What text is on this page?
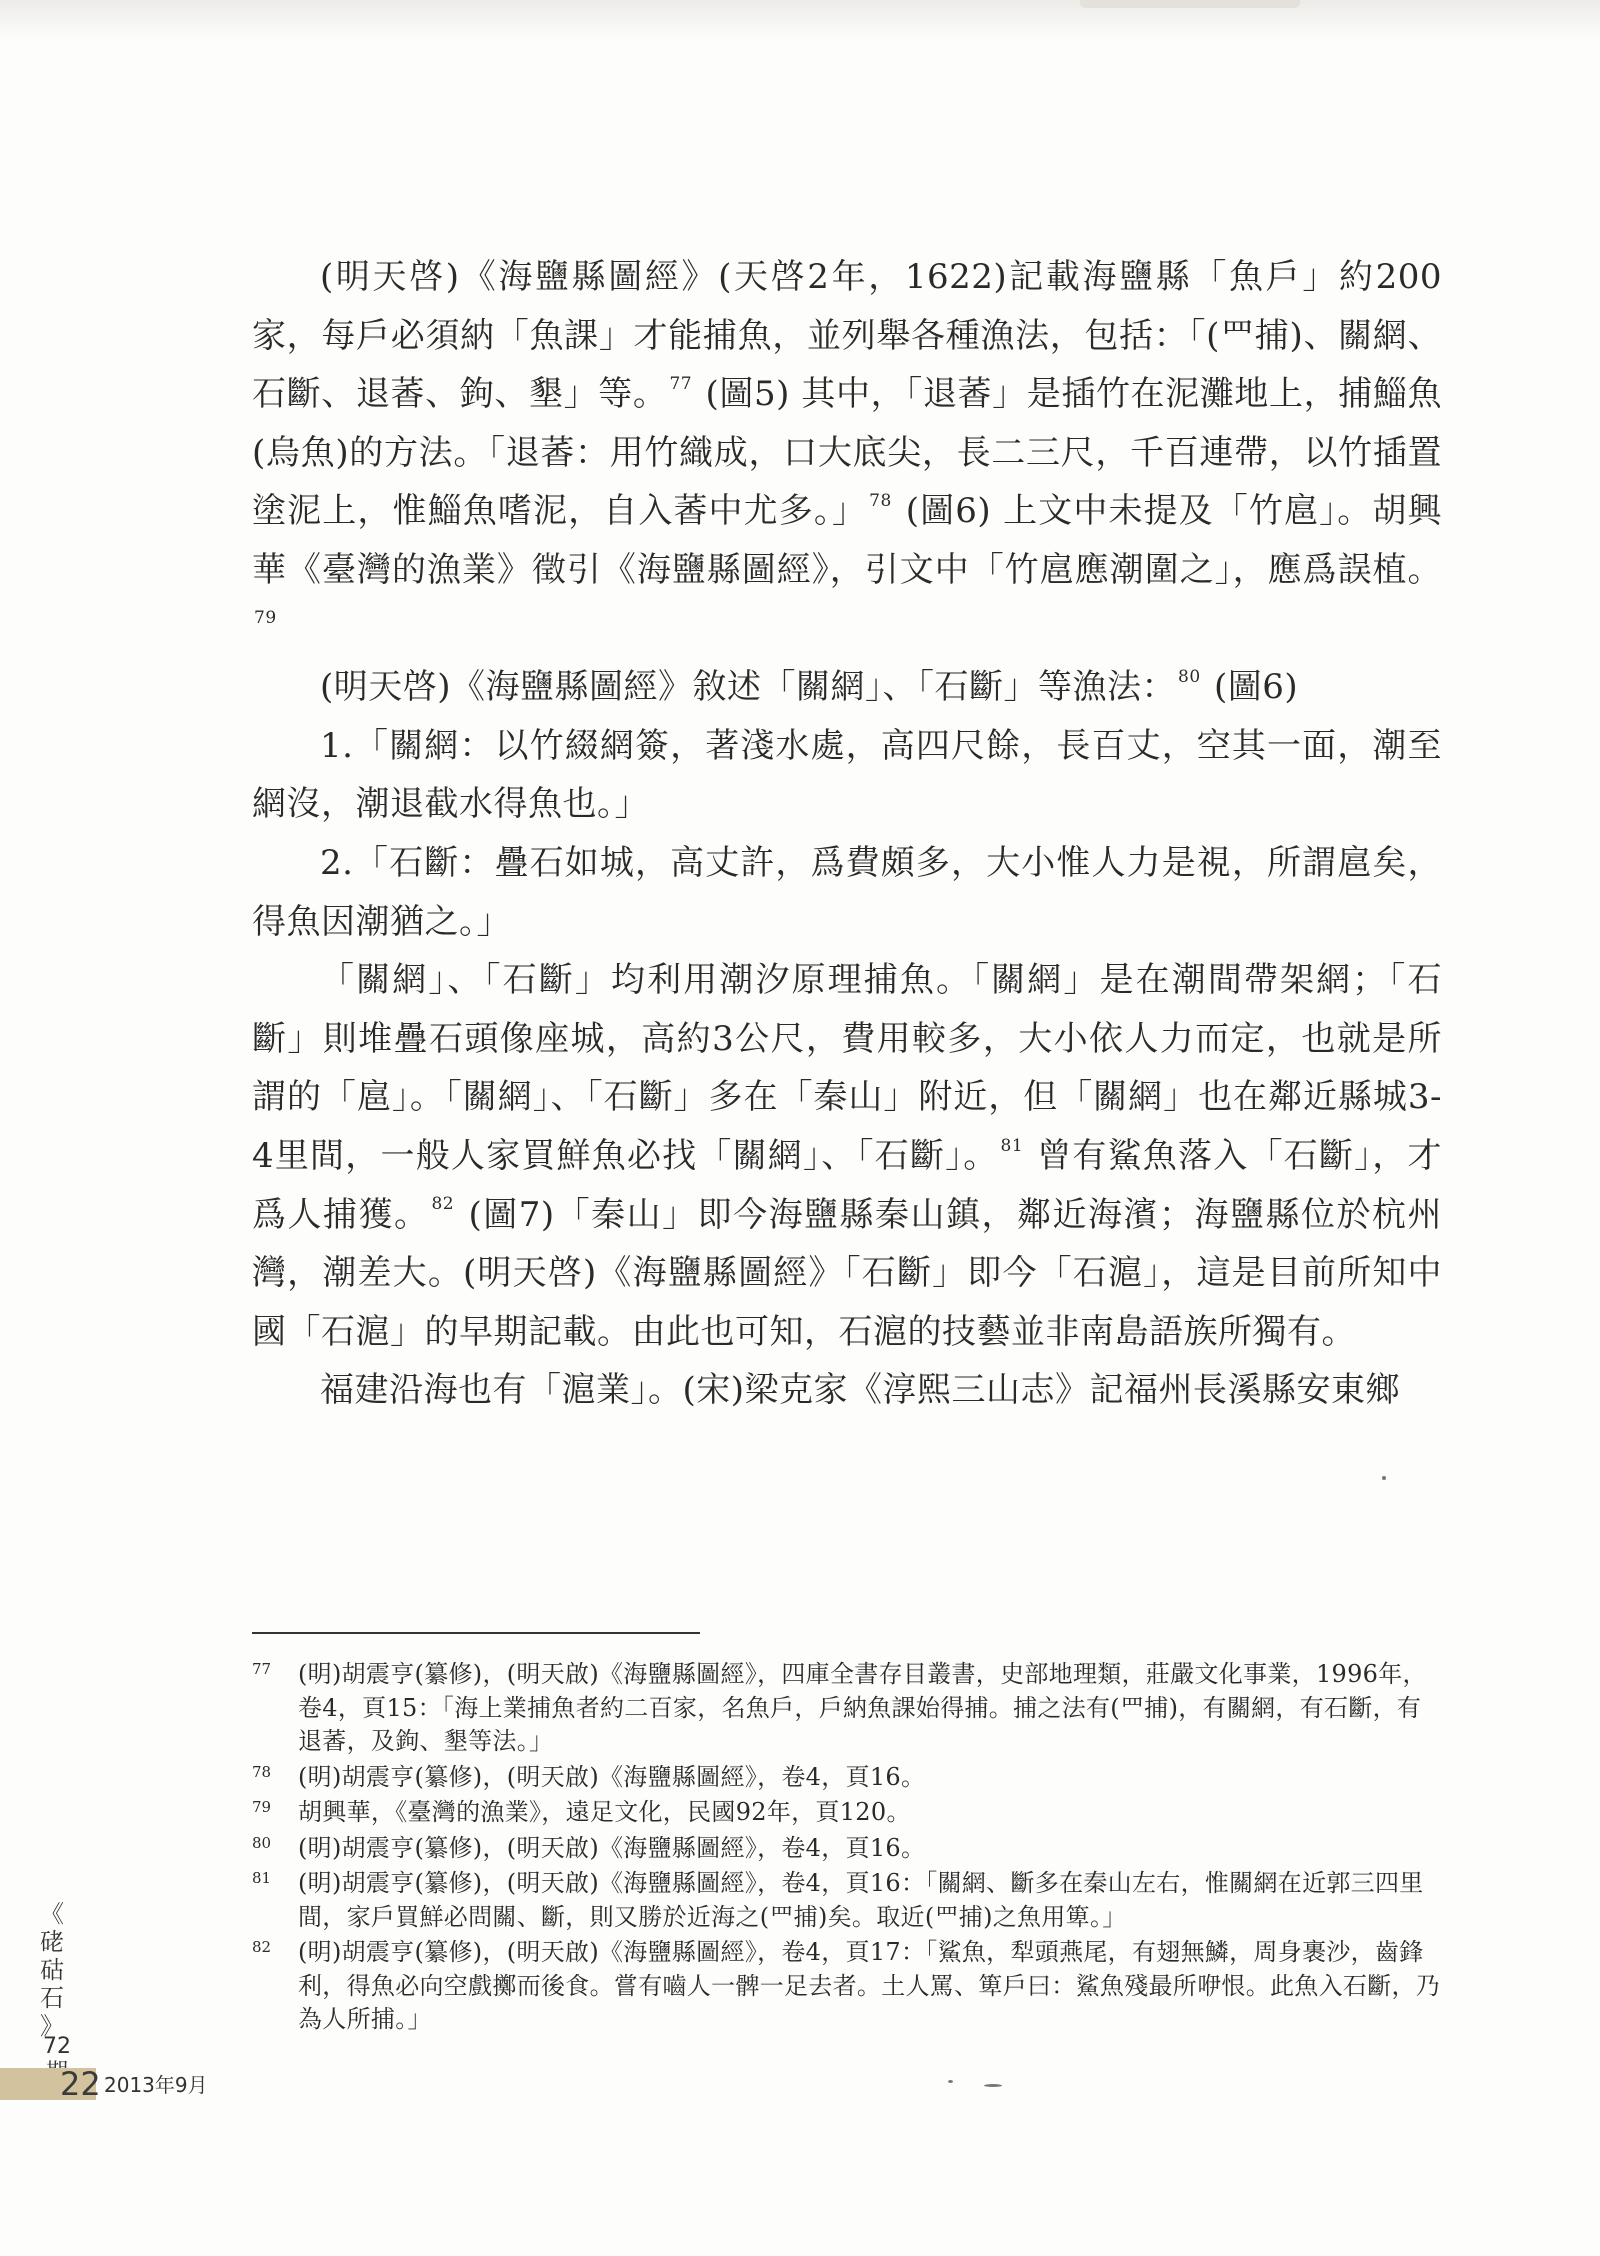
(明天啓)《海鹽縣圖經》(天啓2年，1622)記載海鹽縣「魚戶」約200家，每戶必須納「魚課」才能捕魚，並列舉各種漁法，包括：「(罒捕)、關網、石斷、退萫、鉤、墾」等。 $^{77}$ (圖5) 其中，「退萫」是插竹在泥灘地上，捕鯔魚(烏魚)的方法。「退萫：用竹織成，口大底尖，長二三尺，千百連帶，以竹插置塗泥上，惟鯔魚嗜泥，自入萫中尤多。」 $^{78}$ (圖6) 上文中未提及「竹扈」。胡興華《臺灣的漁業》徵引《海鹽縣圖經》，引文中「竹扈應潮圍之」，應爲誤植。$^{79}$

(明天啓)《海鹽縣圖經》敘述「關網」、「石斷」等漁法： $^{80}$ (圖6)

1.「關網：以竹綴網簽，著淺水處，高四尺餘，長百丈，空其一面，潮至網沒，潮退截水得魚也。」

2.「石斷：疊石如城，高丈許，爲費頗多，大小惟人力是視，所謂扈矣，得魚因潮猶之。」

「關網」、「石斷」均利用潮汐原理捕魚。「關網」是在潮間帶架網；「石斷」則堆疊石頭像座城，高約3公尺，費用較多，大小依人力而定，也就是所謂的「扈」。「關網」、「石斷」多在「秦山」附近，但「關網」也在鄰近縣城3-4里間，一般人家買鮮魚必找「關網」、「石斷」。 $^{81}$ 曾有鯊魚落入「石斷」，才爲人捕獲。 $^{82}$ (圖7)「秦山」即今海鹽縣秦山鎮，鄰近海濱；海鹽縣位於杭州灣，潮差大。(明天啓)《海鹽縣圖經》「石斷」即今「石滬」，這是目前所知中國「石滬」的早期記載。由此也可知，石滬的技藝並非南島語族所獨有。

福建沿海也有「滬業」。(宋)梁克家《淳熙三山志》記福州長溪縣安東鄉

77	(明)胡震亨(纂修)，(明天啟)《海鹽縣圖經》，四庫全書存目叢書，史部地理類，莊嚴文化事業，1996年，卷4，頁15：「海上業捕魚者約二百家，名魚戶，戶納魚課始得捕。捕之法有(罒捕)，有關網，有石斷，有退萫，及鉤、墾等法。」
78	(明)胡震亨(纂修)，(明天啟)《海鹽縣圖經》，卷4，頁16。
79	胡興華，《臺灣的漁業》，遠足文化，民國92年，頁120。
80	(明)胡震亨(纂修)，(明天啟)《海鹽縣圖經》，卷4，頁16。
81	(明)胡震亨(纂修)，(明天啟)《海鹽縣圖經》，卷4，頁16：「關網、斷多在秦山左右，惟關網在近郭三四里間，家戶買鮮必問關、斷，則又勝於近海之(罒捕)矣。取近(罒捕)之魚用箄。」
82	(明)胡震亨(纂修)，(明天啟)《海鹽縣圖經》，卷4，頁17：「鯊魚，犁頭燕尾，有翅無鱗，周身裹沙，齒鋒利，得魚必向空戲擲而後食。嘗有嚙人一髀一足去者。土人罵、箄戶曰：鯊魚殘最所咿恨。此魚入石斷，乃為人所捕。」
《
硓
𥑮
石
》
72
22 2013年9月
